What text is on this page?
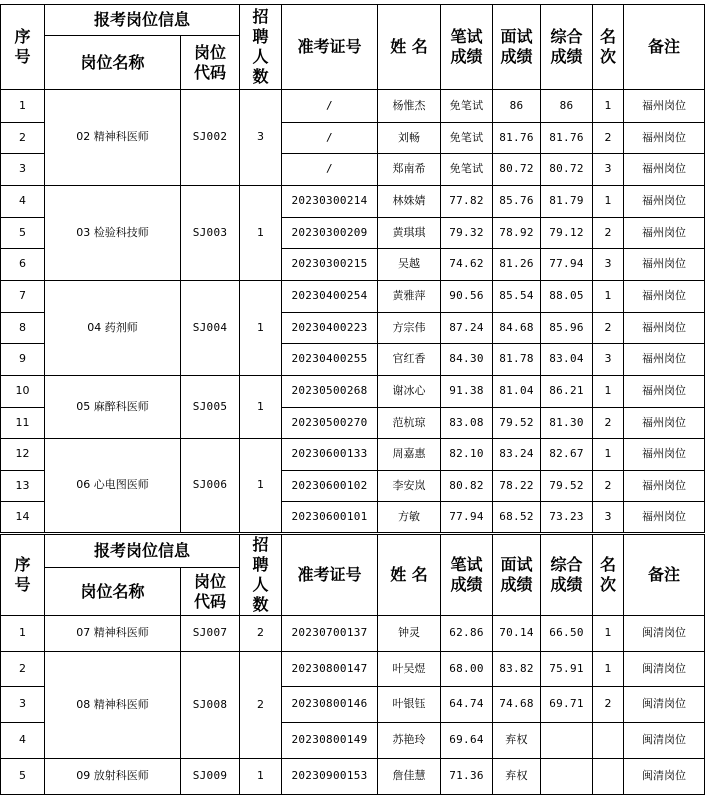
序号	报考岗位信息		招聘人数	准考证号	姓 名	笔试成绩	面试成绩	综合成绩	名次	备注
	岗位名称	岗位代码								
1	02 精神科医师	SJ002	3	/	杨惟杰	免笔试	86	86	1	福州岗位
2				/	刘畅	免笔试	81.76	81.76	2	福州岗位
3				/	郑南希	免笔试	80.72	80.72	3	福州岗位
4	03 检验科技师	SJ003	1	20230300214	林姝婧	77.82	85.76	81.79	1	福州岗位
5				20230300209	黄琪琪	79.32	78.92	79.12	2	福州岗位
6				20230300215	吴越	74.62	81.26	77.94	3	福州岗位
7	04 药剂师	SJ004	1	20230400254	黄雅萍	90.56	85.54	88.05	1	福州岗位
8				20230400223	方宗伟	87.24	84.68	85.96	2	福州岗位
9				20230400255	官红香	84.30	81.78	83.04	3	福州岗位
10	05 麻醉科医师	SJ005	1	20230500268	谢冰心	91.38	81.04	86.21	1	福州岗位
11				20230500270	范杭琼	83.08	79.52	81.30	2	福州岗位
12	06 心电图医师	SJ006	1	20230600133	周嘉惠	82.10	83.24	82.67	1	福州岗位
13				20230600102	李安岚	80.82	78.22	79.52	2	福州岗位
14				20230600101	方敏	77.94	68.52	73.23	3	福州岗位
序号	报考岗位信息		招聘人数	准考证号	姓 名	笔试成绩	面试成绩	综合成绩	名次	备注
	岗位名称	岗位代码								
1	07 精神科医师	SJ007	2	20230700137	钟灵	62.86	70.14	66.50	1	闽清岗位
2	08 精神科医师	SJ008	2	20230800147	叶吴煜	68.00	83.82	75.91	1	闽清岗位
3				20230800146	叶银钰	64.74	74.68	69.71	2	闽清岗位
4				20230800149	苏艳玲	69.64	弃权			闽清岗位
5	09 放射科医师	SJ009	1	20230900153	詹佳慧	71.36	弃权			闽清岗位
